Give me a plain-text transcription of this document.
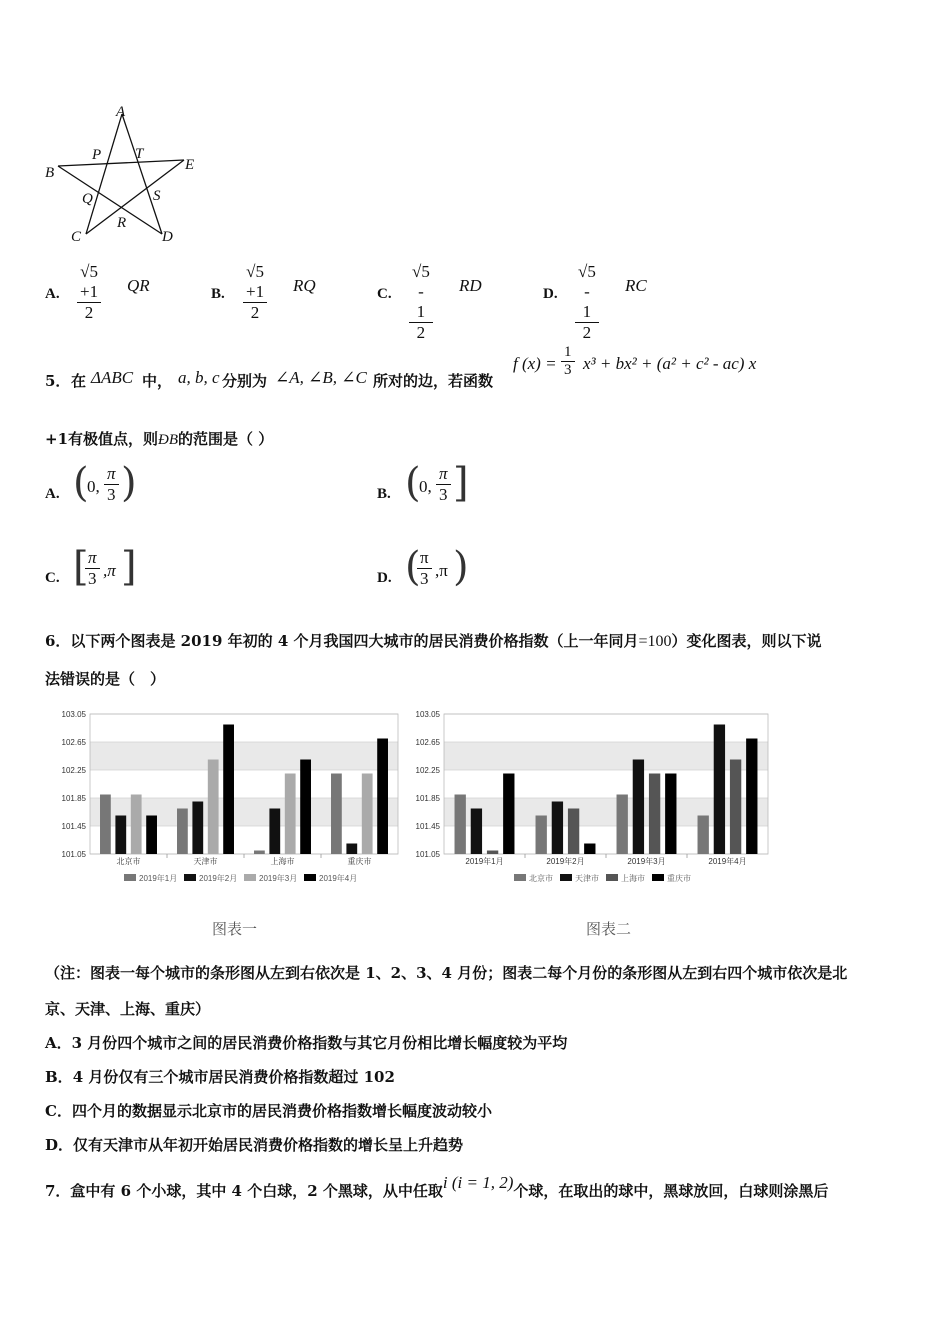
A
P T
E
B
Q	S
R
C	D
A. $\frac{√5 +1}{2}$ QR	B. $\frac{√5 +1}{2}$ RQ	C. $\frac{√5 - 1}{2}$ RD	D. $\frac{√5 - 1}{2}$ RC
5． 在 ΔABC 中， a, b, c 分别为 ∠A, ∠B, ∠C 所对的边，若函数
f $(x) = \frac{1}{3} x^3 + bx^2 + (a^2 + c^2 - ac)$ x
+1有极值点，则ÐB的范围是（ ）
A. (
0, $\frac{\pi}{3}$ )	B. (
0, $\frac{\pi}{3}$ ]
C. [
$\frac{\pi}{3} ,\pi$ ]	D. (
$\frac{\pi}{3} ,\pi$ )
6．以下两个图表是 2019 年初的 4 个月我国四大城市的居民消费价格指数（上一年同月=100）变化图表，则以下说
法错误的是（　）
101.05
101.45
101.85
102.25
102.65
103.05
北京市	天津市	上海市	重庆市
2019年1月	2019年2月	2019年3月	2019年4月
101.05
101.45
101.85
102.25
102.65
103.05
2019年1月	2019年2月	2019年3月	2019年4月
北京市	天津市	上海市	重庆市
图表一	图表二
（注：图表一每个城市的条形图从左到右依次是 1、2、3、4 月份；图表二每个月份的条形图从左到右四个城市依次是北
京、天津、上海、重庆）
A．3 月份四个城市之间的居民消费价格指数与其它月份相比增长幅度较为平均
B．4 月份仅有三个城市居民消费价格指数超过 102
C．四个月的数据显示北京市的居民消费价格指数增长幅度波动较小
D．仅有天津市从年初开始居民消费价格指数的增长呈上升趋势
7．盒中有 6 个小球，其中 4 个白球，2 个黑球，从中任取i (i = 1, 2)个球，在取出的球中，黑球放回，白球则涂黑后
